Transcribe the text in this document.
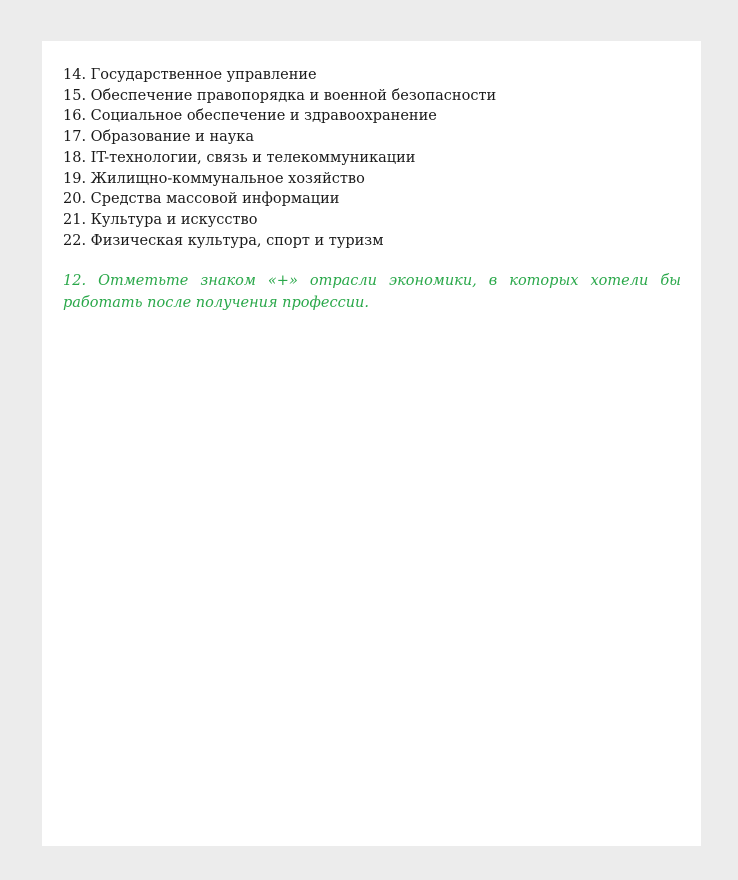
14. Государственное управление
15. Обеспечение правопорядка и военной безопасности
16. Социальное обеспечение и здравоохранение
17. Образование и наука
18. IT-технологии, связь и телекоммуникации
19. Жилищно-коммунальное хозяйство
20. Средства массовой информации
21. Культура и искусство
22. Физическая культура, спорт и туризм

12. Отметьте знаком «+» отрасли экономики, в которых хотели бы работать после получения профессии.
